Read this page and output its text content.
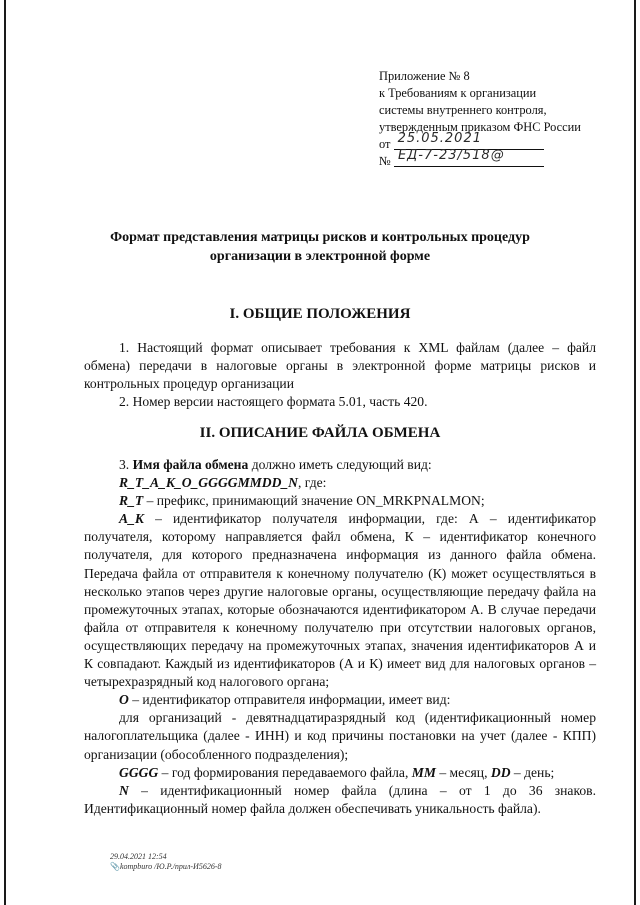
Приложение № 8
к Требованиям к организации
системы внутреннего контроля,
утвержденным приказом ФНС России
от 25.05.2021
№ ЕД-7-23/518@
Формат представления матрицы рисков и контрольных процедур
организации в электронной форме
I. ОБЩИЕ ПОЛОЖЕНИЯ

1. Настоящий формат описывает требования к XML файлам (далее – файл обмена) передачи в налоговые органы в электронной форме матрицы рисков и контрольных процедур организации

2. Номер версии настоящего формата 5.01, часть 420.

II. ОПИСАНИЕ ФАЙЛА ОБМЕНА

3. Имя файла обмена должно иметь следующий вид:

R_T_A_K_O_GGGGMMDD_N, где:

R_T – префикс, принимающий значение ON_MRKPNALMON;

A_K – идентификатор получателя информации, где: А – идентификатор получателя, которому направляется файл обмена, К – идентификатор конечного получателя, для которого предназначена информация из данного файла обмена. Передача файла от отправителя к конечному получателю (К) может осуществляться в несколько этапов через другие налоговые органы, осуществляющие передачу файла на промежуточных этапах, которые обозначаются идентификатором А. В случае передачи файла от отправителя к конечному получателю при отсутствии налоговых органов, осуществляющих передачу на промежуточных этапах, значения идентификаторов А и К совпадают. Каждый из идентификаторов (А и К) имеет вид для налоговых органов – четырехразрядный код налогового органа;

O – идентификатор отправителя информации, имеет вид:

для организаций - девятнадцатиразрядный код (идентификационный номер налогоплательщика (далее - ИНН) и код причины постановки на учет (далее - КПП) организации (обособленного подразделения);

GGGG – год формирования передаваемого файла, MM – месяц, DD – день;

N – идентификационный номер файла (длина – от 1 до 36 знаков. Идентификационный номер файла должен обеспечивать уникальность файла).

29.04.2021 12:54
📎kompburo /Ю.Р./прил-И5626-8
